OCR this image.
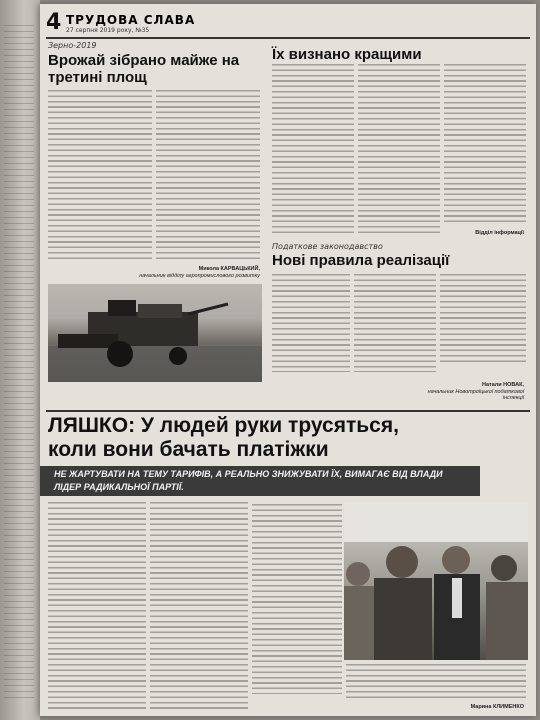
4 ТРУДОВА СЛАВА
27 серпня 2019 року, №35
Зерно-2019
Врожай зібрано майже на третині площ
Микола КАРВАЦЬКИЙ,
начальник відділу агропромислового розвитку
Їх визнано кращими
Відділ інформації
Податкове законодавство
Нові правила реалізації
Натали НОВАК,
начальник Новотроїцької податкової інспекції
ЛЯШКО: У людей руки трусяться,
коли вони бачать платіжки
НЕ ЖАРТУВАТИ НА ТЕМУ ТАРИФІВ, А РЕАЛЬНО ЗНИЖУВАТИ ЇХ, ВИМАГАЄ ВІД ВЛАДИ ЛІДЕР РАДИКАЛЬНОЇ ПАРТІЇ.
Марина КЛИМЕНКО
